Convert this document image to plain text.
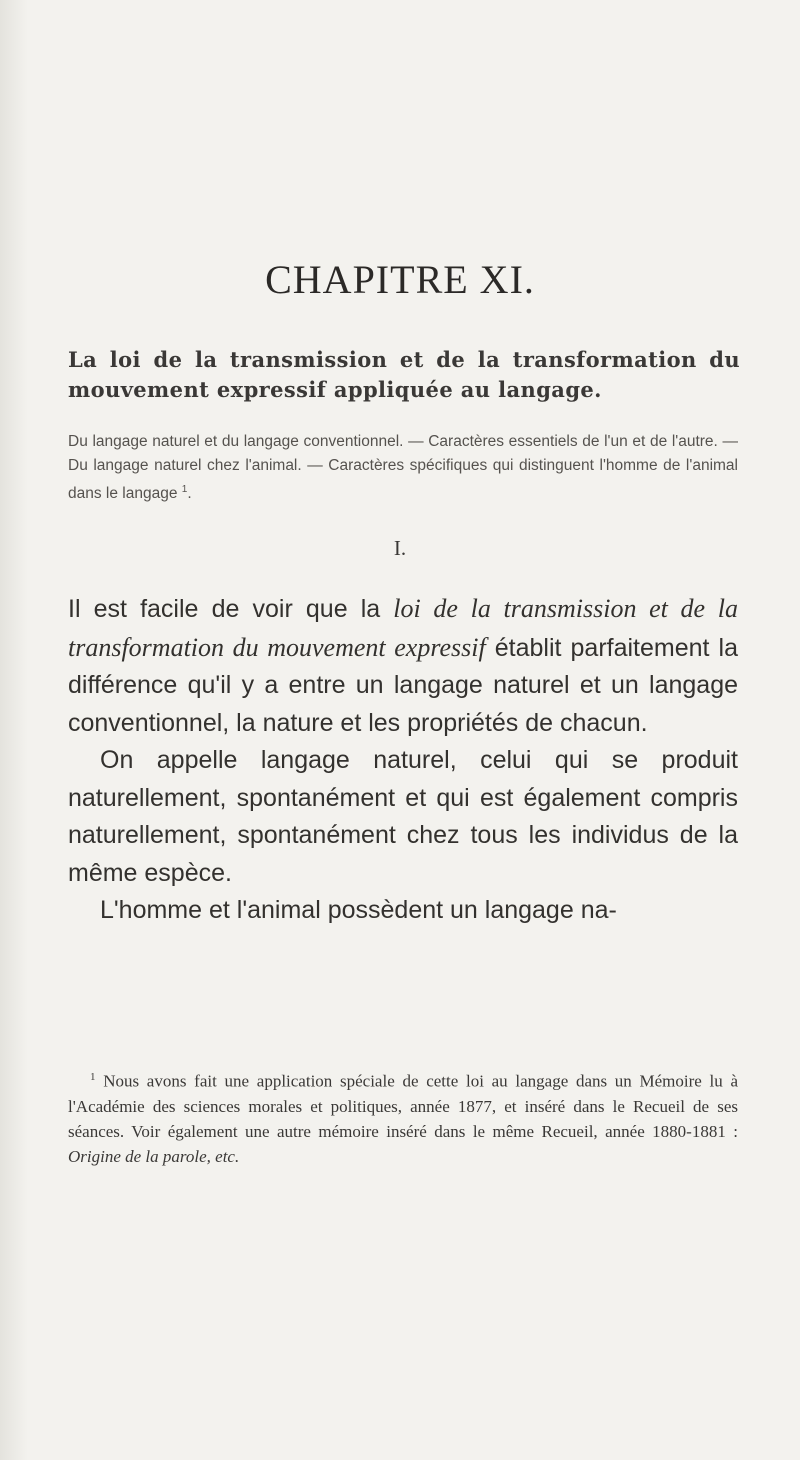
CHAPITRE XI.
La loi de la transmission et de la transformation du mouvement expressif appliquée au langage.
Du langage naturel et du langage conventionnel. — Caractères essentiels de l'un et de l'autre. — Du langage naturel chez l'animal. — Caractères spécifiques qui distinguent l'homme de l'animal dans le langage $^1$.
I.

Il est facile de voir que la loi de la transmission et de la transformation du mouvement expressif établit parfaitement la différence qu'il y a entre un langage naturel et un langage conventionnel, la nature et les propriétés de chacun.

On appelle langage naturel, celui qui se produit naturellement, spontanément et qui est également compris naturellement, spontanément chez tous les individus de la même espèce.

L'homme et l'animal possèdent un langage na-

$^1$ Nous avons fait une application spéciale de cette loi au langage dans un Mémoire lu à l'Académie des sciences morales et politiques, année 1877, et inséré dans le Recueil de ses séances. Voir également une autre mémoire inséré dans le même Recueil, année 1880-1881 : Origine de la parole, etc.
